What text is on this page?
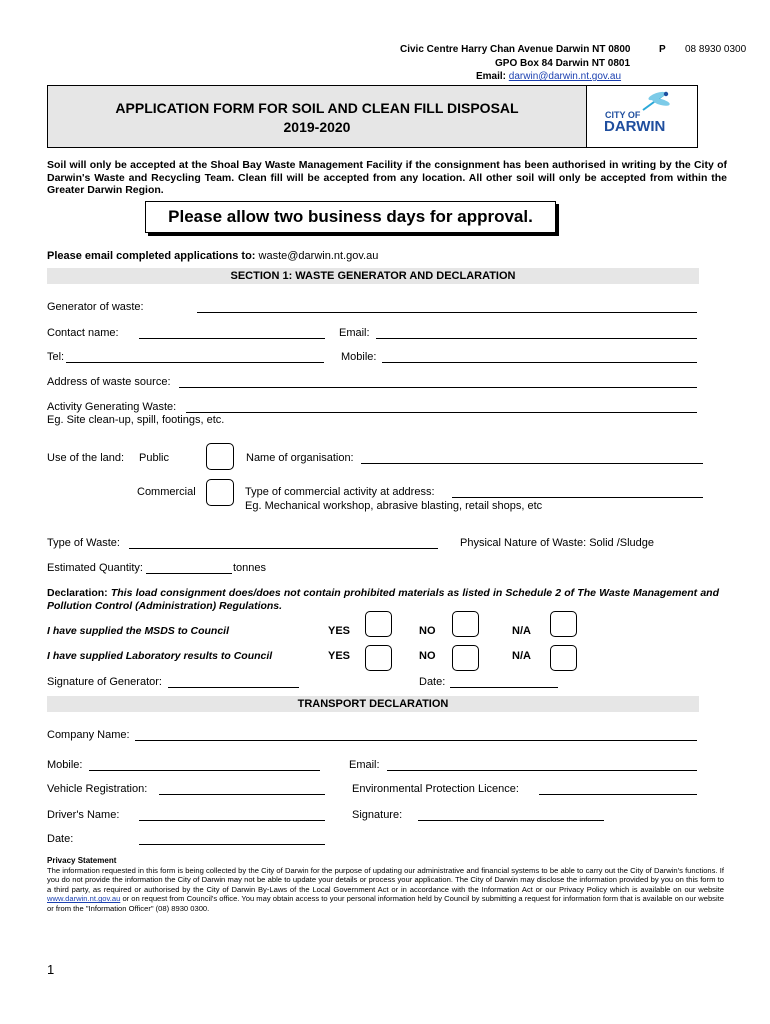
Civic Centre Harry Chan Avenue Darwin NT 0800	P 08 8930 0300
GPO Box 84 Darwin NT 0801
Email: darwin@darwin.nt.gov.au
APPLICATION FORM FOR SOIL AND CLEAN FILL DISPOSAL
2019-2020
CITY OF
DARWIN
Soil will only be accepted at the Shoal Bay Waste Management Facility if the consignment has been authorised in writing by the City of Darwin's Waste and Recycling Team. Clean fill will be accepted from any location. All other soil will only be accepted from within the Greater Darwin Region.
Please allow two business days for approval.
Please email completed applications to: waste@darwin.nt.gov.au
SECTION 1: WASTE GENERATOR AND DECLARATION
Generator of waste:
Contact name:	Email:
Tel:	Mobile:
Address of waste source:
Activity Generating Waste:
Eg. Site clean-up, spill, footings, etc.
Use of the land: Public	Name of organisation:
Commercial	Type of commercial activity at address:
Eg. Mechanical workshop, abrasive blasting, retail shops, etc
Type of Waste:	Physical Nature of Waste: Solid /Sludge
Estimated Quantity:	tonnes
Declaration: This load consignment does/does not contain prohibited materials as listed in Schedule 2 of The Waste Management and Pollution Control (Administration) Regulations.
I have supplied the MSDS to Council	YES	NO	N/A
I have supplied Laboratory results to Council	YES	NO	N/A
Signature of Generator:	Date:
TRANSPORT DECLARATION
Company Name:
Mobile:	Email:
Vehicle Registration:	Environmental Protection Licence:
Driver's Name:	Signature:
Date:
Privacy Statement
The information requested in this form is being collected by the City of Darwin for the purpose of updating our administrative and financial systems to be able to carry out the City of Darwin's functions. If you do not provide the information the City of Darwin may not be able to update your details or process your application. The City of Darwin may disclose the information provided by you on this form to a third party, as required or authorised by the City of Darwin By-Laws of the Local Government Act or in accordance with the Information Act or our Privacy Policy which is available on our website www.darwin.nt.gov.au or on request from Council's office. You may obtain access to your personal information held by Council by submitting a request for information form that is available on our website or from the "Information Officer" (08) 8930 0300.
1
